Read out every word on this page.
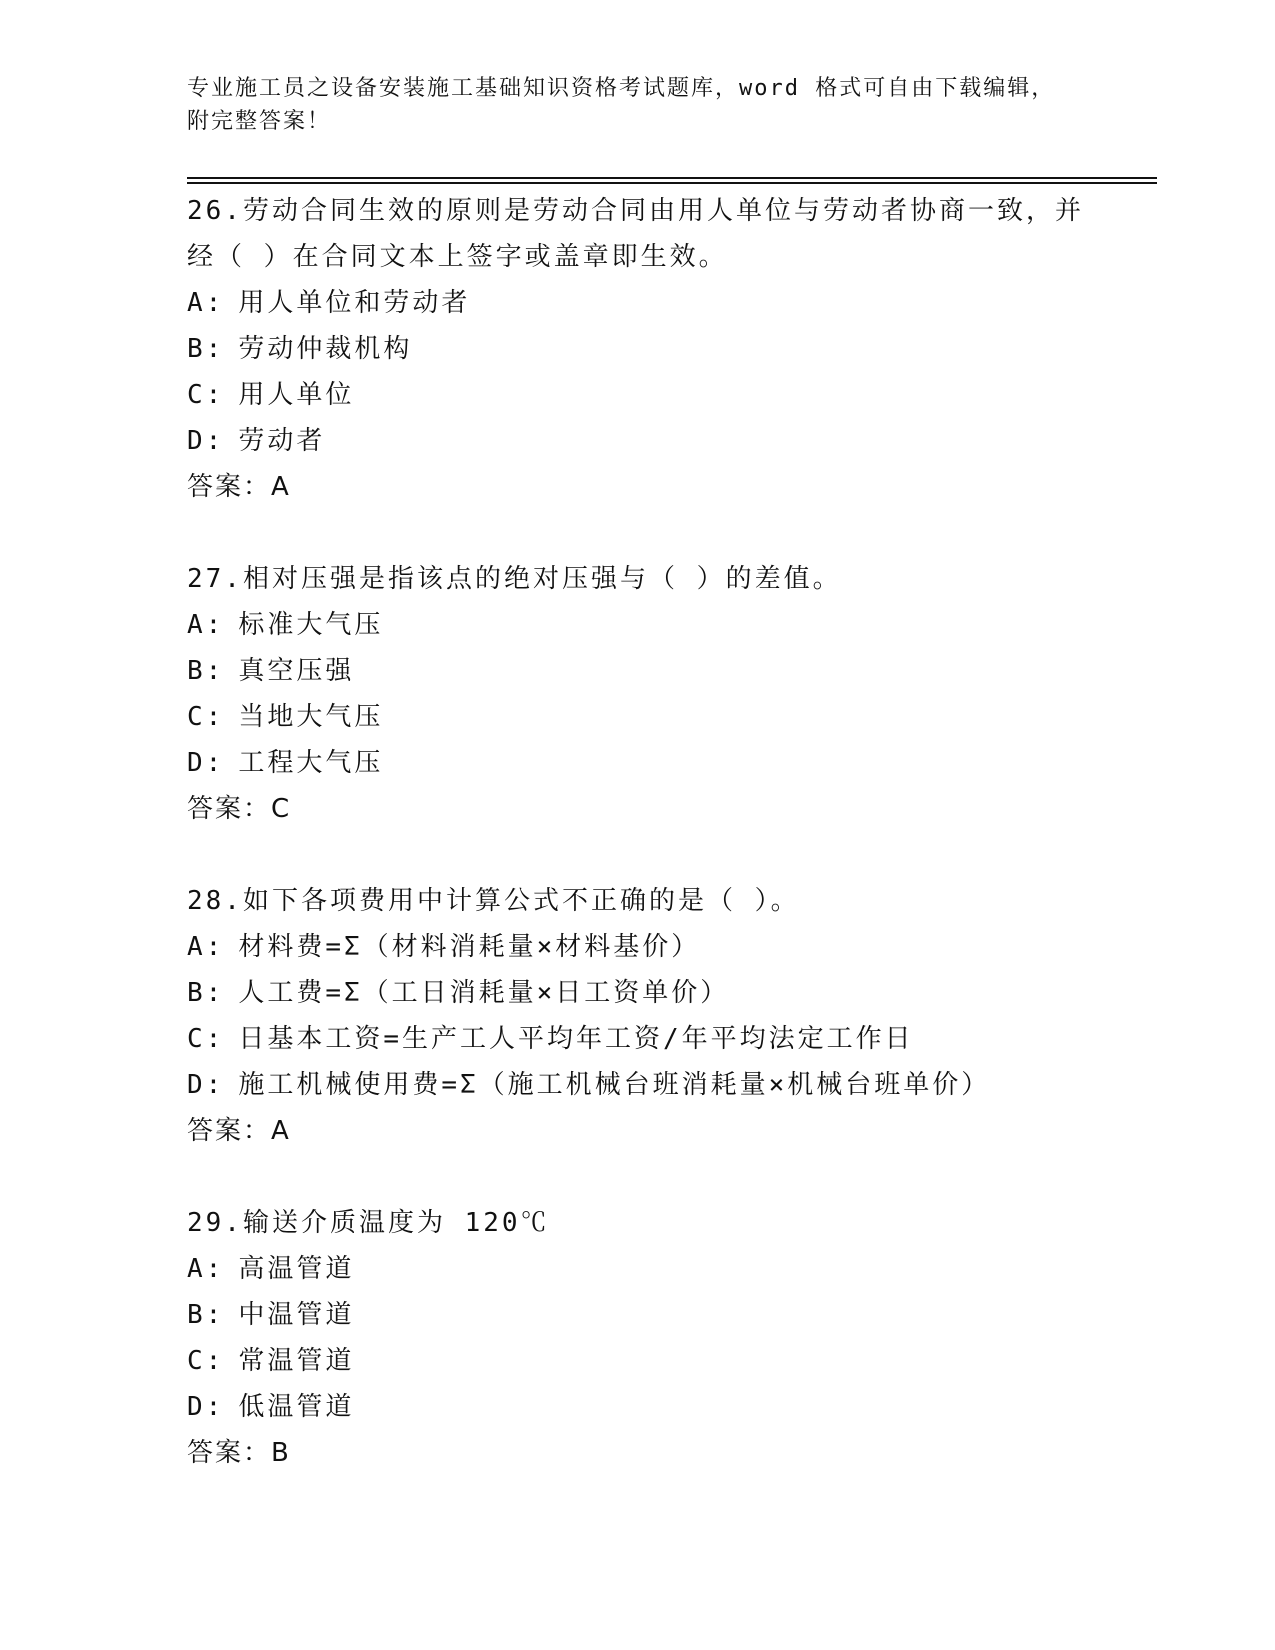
专业施工员之设备安装施工基础知识资格考试题库，word 格式可自由下载编辑，
附完整答案！
26.劳动合同生效的原则是劳动合同由用人单位与劳动者协商一致，并经（ ）在合同文本上签字或盖章即生效。
A: 用人单位和劳动者
B: 劳动仲裁机构
C: 用人单位
D: 劳动者
答案：A
27.相对压强是指该点的绝对压强与（ ）的差值。
A: 标准大气压
B: 真空压强
C: 当地大气压
D: 工程大气压
答案：C
28.如下各项费用中计算公式不正确的是（ ）。
A: 材料费=Σ（材料消耗量×材料基价）
B: 人工费=Σ（工日消耗量×日工资单价）
C: 日基本工资=生产工人平均年工资/年平均法定工作日
D: 施工机械使用费=Σ（施工机械台班消耗量×机械台班单价）
答案：A
29.输送介质温度为 120℃
A: 高温管道
B: 中温管道
C: 常温管道
D: 低温管道
答案：B
